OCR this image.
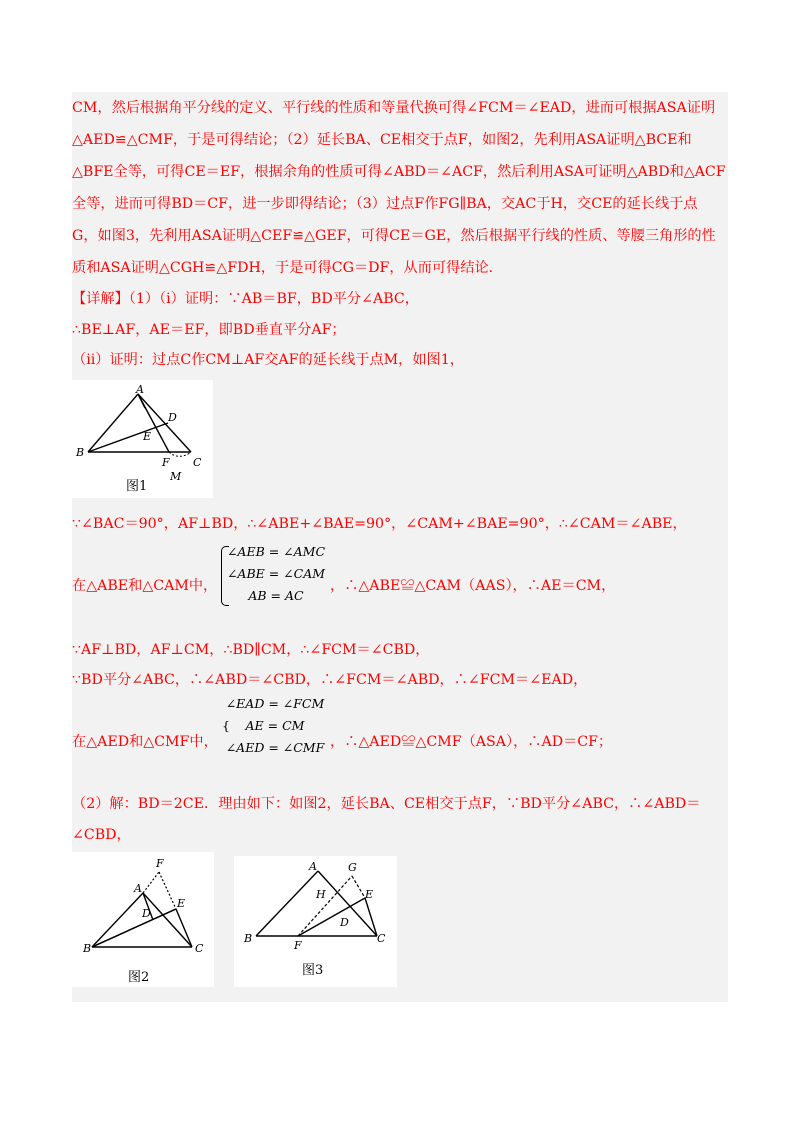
CM，然后根据角平分线的定义、平行线的性质和等量代换可得∠FCM＝∠EAD，进而可根据ASA证明
△AED≌△CMF，于是可得结论；（2）延长BA、CE相交于点F，如图2，先利用ASA证明△BCE和
△BFE全等，可得CE＝EF，根据余角的性质可得∠ABD＝∠ACF，然后利用ASA可证明△ABD和△ACF
全等，进而可得BD＝CF，进一步即得结论；（3）过点F作FG∥BA，交AC于H，交CE的延长线于点
G，如图3，先利用ASA证明△CEF≌△GEF，可得CE＝GE，然后根据平行线的性质、等腰三角形的性
质和ASA证明△CGH≌△FDH，于是可得CG＝DF，从而可得结论．
【详解】（1）（ⅰ）证明：∵AB＝BF，BD平分∠ABC，
∴BE⊥AF，AE＝EF，即BD垂直平分AF；
（ⅱ）证明：过点C作CM⊥AF交AF的延长线于点M，如图1，
A
D
E
B
F C
M
图1
∵∠BAC＝90°，AF⊥BD，∴∠ABE+∠BAE=90°，∠CAM+∠BAE=90°，∴∠CAM＝∠ABE，
在△ABE和△CAM中，
∠AEB = ∠AMC
∠ABE = ∠CAM
AB = AC
，∴△ABE≌△CAM（AAS），∴AE＝CM，
∵AF⊥BD，AF⊥CM，∴BD∥CM，∴∠FCM＝∠CBD，
∵BD平分∠ABC，∴∠ABD＝∠CBD，∴∠FCM＝∠ABD，∴∠FCM＝∠EAD，
在△AED和△CMF中，
{
∠EAD = ∠FCM
AE = CM
∠AED = ∠CMF ，∴△AED≌△CMF（ASA），∴AD＝CF；
（2）解：BD＝2CE．理由如下：如图2，延长BA、CE相交于点F，∵BD平分∠ABC，∴∠ABD＝
∠CBD，
F
A
E
D
B	C
图2
A	G
H	E
D
B
F
C
图3
